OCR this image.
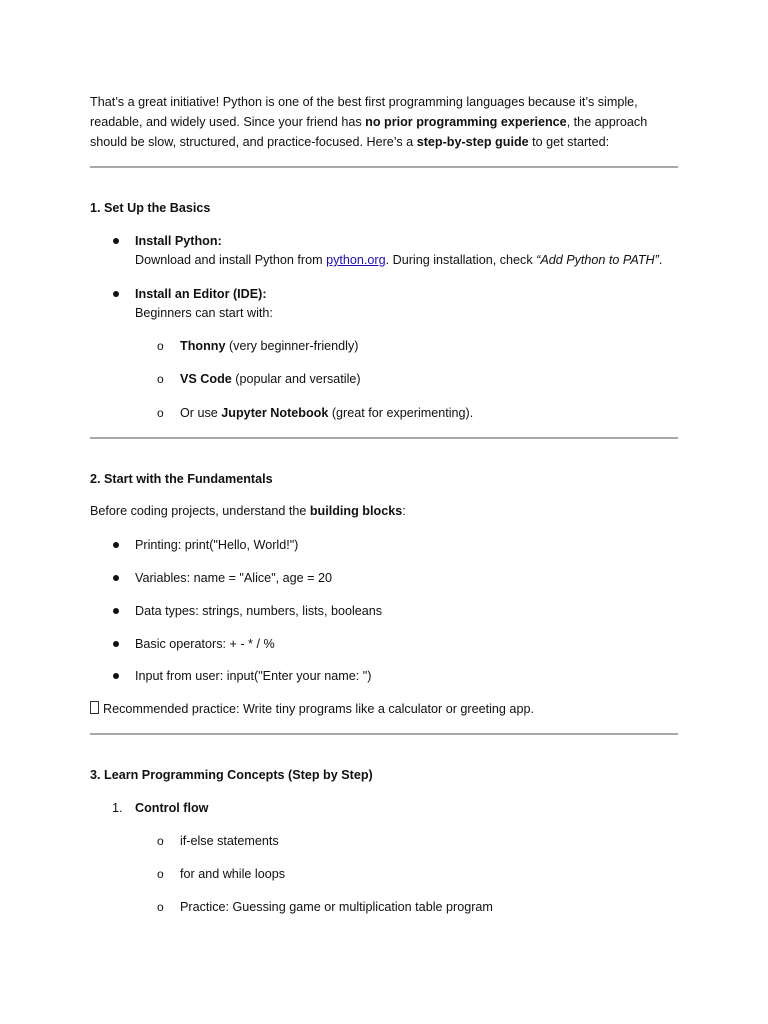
That’s a great initiative! Python is one of the best first programming languages because it’s simple,
readable, and widely used. Since your friend has no prior programming experience, the approach
should be slow, structured, and practice-focused. Here’s a step-by-step guide to get started:
1. Set Up the Basics
Install Python:
Download and install Python from python.org. During installation, check “Add Python to PATH”.
Install an Editor (IDE):
Beginners can start with:
o Thonny (very beginner-friendly)
o VS Code (popular and versatile)
o Or use Jupyter Notebook (great for experimenting).
2. Start with the Fundamentals
Before coding projects, understand the building blocks:
Printing: print("Hello, World!")
Variables: name = "Alice", age = 20
Data types: strings, numbers, lists, booleans
Basic operators: + - * / %
Input from user: input("Enter your name: ")
Recommended practice: Write tiny programs like a calculator or greeting app.
3. Learn Programming Concepts (Step by Step)
1. Control flow
o if-else statements
o for and while loops
o Practice: Guessing game or multiplication table program
